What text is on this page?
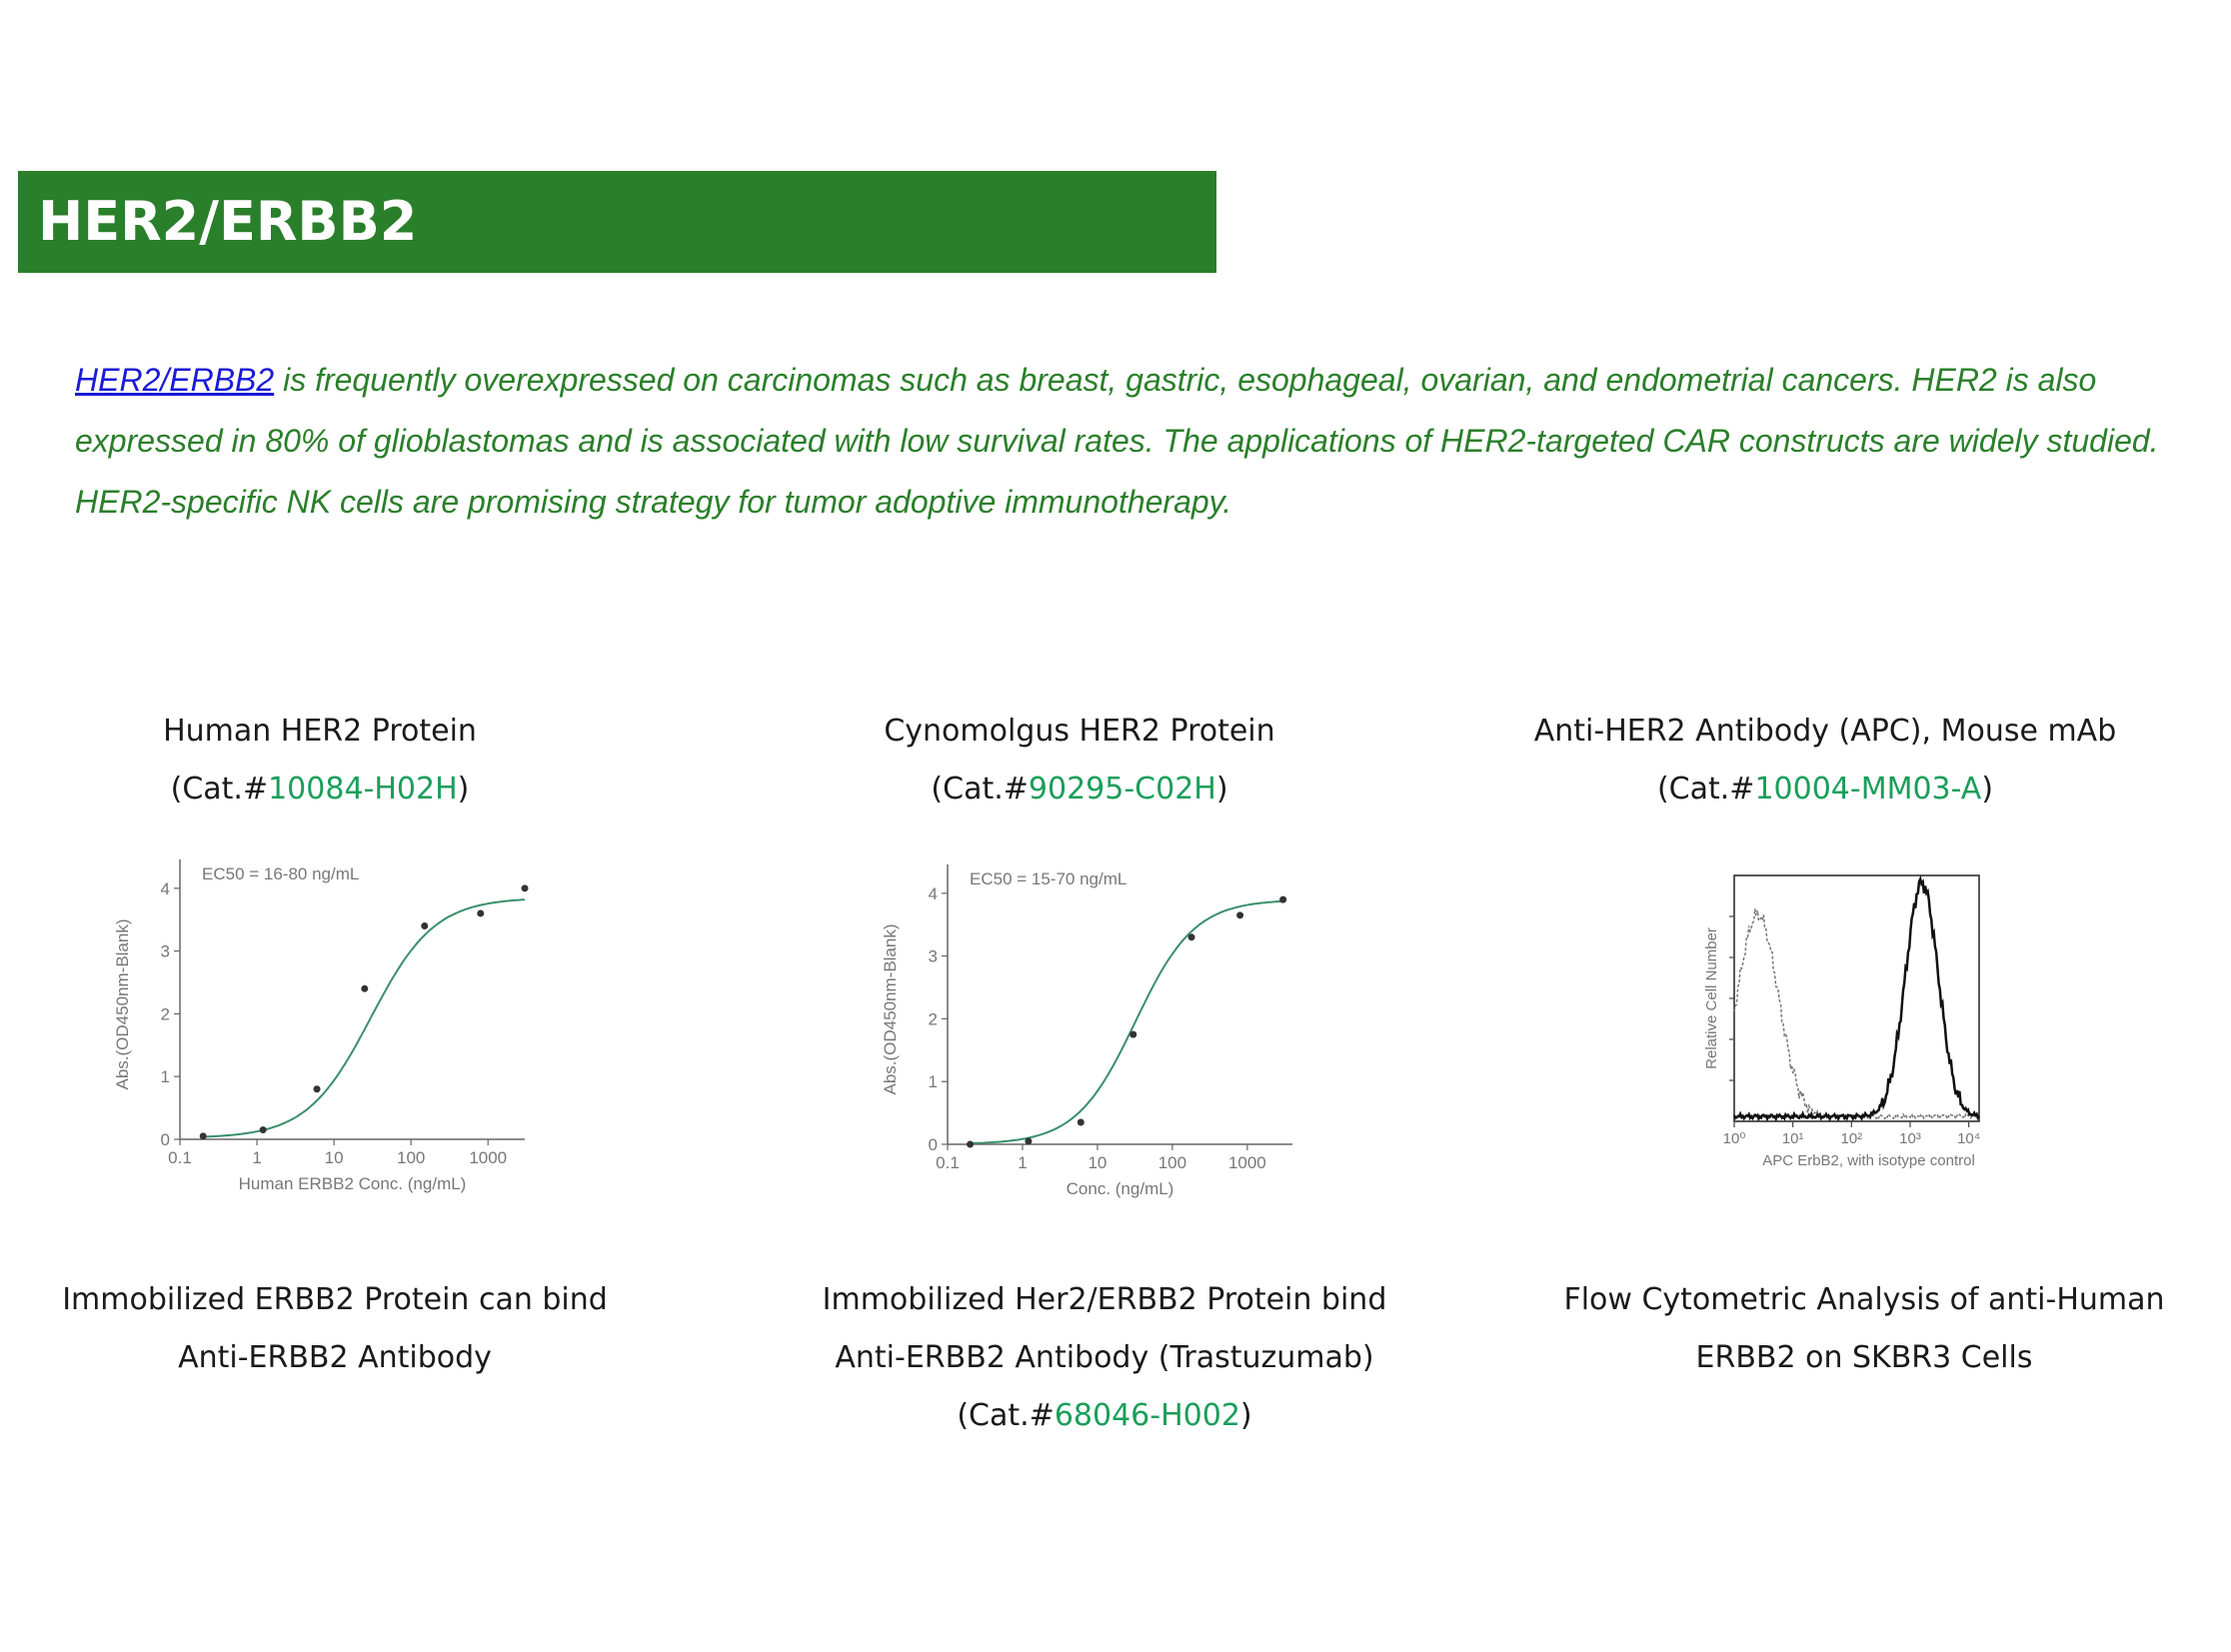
HER2/ERBB2
HER2/ERBB2 is frequently overexpressed on carcinomas such as breast, gastric, esophageal, ovarian, and endometrial cancers. HER2 is also expressed in 80% of glioblastomas and is associated with low survival rates. The applications of HER2-targeted CAR constructs are widely studied. HER2-specific NK cells are promising strategy for tumor adoptive immunotherapy.
Human HER2 Protein
(Cat.#10084-H02H)
Cynomolgus HER2 Protein
(Cat.#90295-C02H)
Anti-HER2 Antibody (APC), Mouse mAb
(Cat.#10004-MM03-A)
0.1	1	10	100	1000
0
1
2
3
4
EC50 = 16-80 ng/mL
Human ERBB2 Conc. (ng/mL)
Abs.(OD450nm-Blank)
0.1	1	10	100 1000
0
1
2
3
4
EC50 = 15-70 ng/mL
Conc. (ng/mL)
Abs.(OD450nm-Blank)
10⁰ 10¹ 10² 10³ 10⁴
APC ErbB2, with isotype control
Relative Cell Number
Immobilized ERBB2 Protein can bind
Anti-ERBB2 Antibody
Immobilized Her2/ERBB2 Protein bind
Anti-ERBB2 Antibody (Trastuzumab)
(Cat.#68046-H002)
Flow Cytometric Analysis of anti-Human
ERBB2 on SKBR3 Cells
